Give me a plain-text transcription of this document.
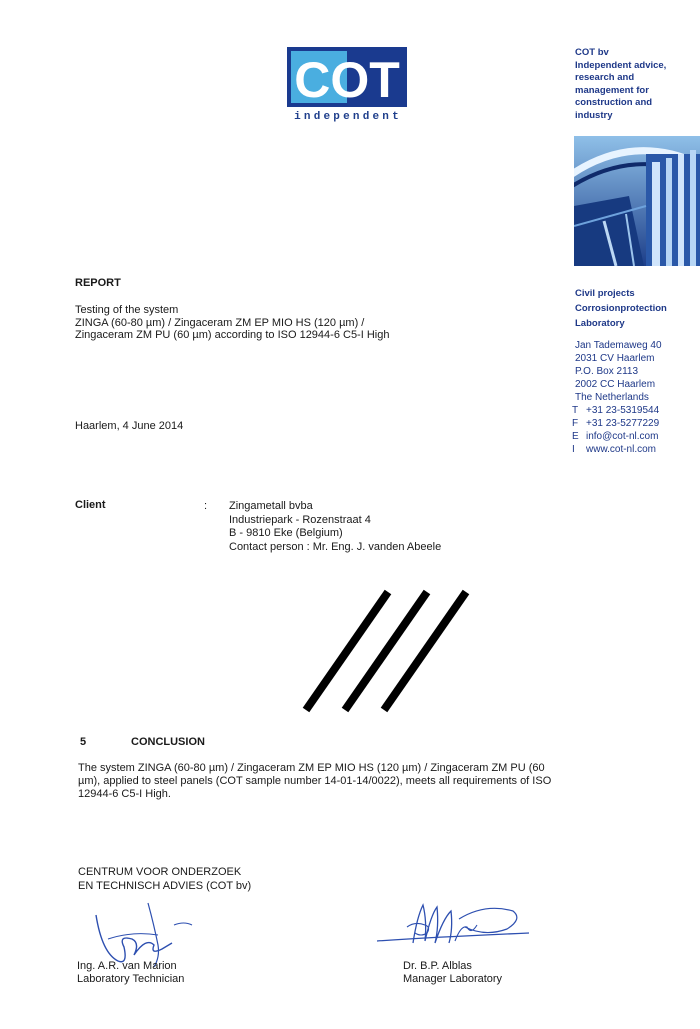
COT
independent
COT bv
Independent advice,
research and
management for
construction and
industry
Civil projects
Corrosionprotection
Laboratory
Jan Tademaweg 40
2031 CV Haarlem
P.O. Box 2113
2002 CC Haarlem
The Netherlands
T +31 23-5319544
F +31 23-5277229
E info@cot-nl.com
I www.cot-nl.com
REPORT
Testing of the system
ZINGA (60-80 µm) / Zingaceram ZM EP MIO HS (120 µm) /
Zingaceram ZM PU (60 µm) according to ISO 12944-6 C5-I High
Haarlem, 4 June 2014
Client	: Zingametall bvba
Industriepark - Rozenstraat 4
B - 9810 Eke (Belgium)
Contact person : Mr. Eng. J. vanden Abeele
5	CONCLUSION
The system ZINGA (60-80 µm) / Zingaceram ZM EP MIO HS (120 µm) / Zingaceram ZM PU (60
µm), applied to steel panels (COT sample number 14-01-14/0022), meets all requirements of ISO
12944-6 C5-I High.
CENTRUM VOOR ONDERZOEK
EN TECHNISCH ADVIES (COT bv)
Ing. A.R. van Marion
Laboratory Technician
Dr. B.P. Alblas
Manager Laboratory
